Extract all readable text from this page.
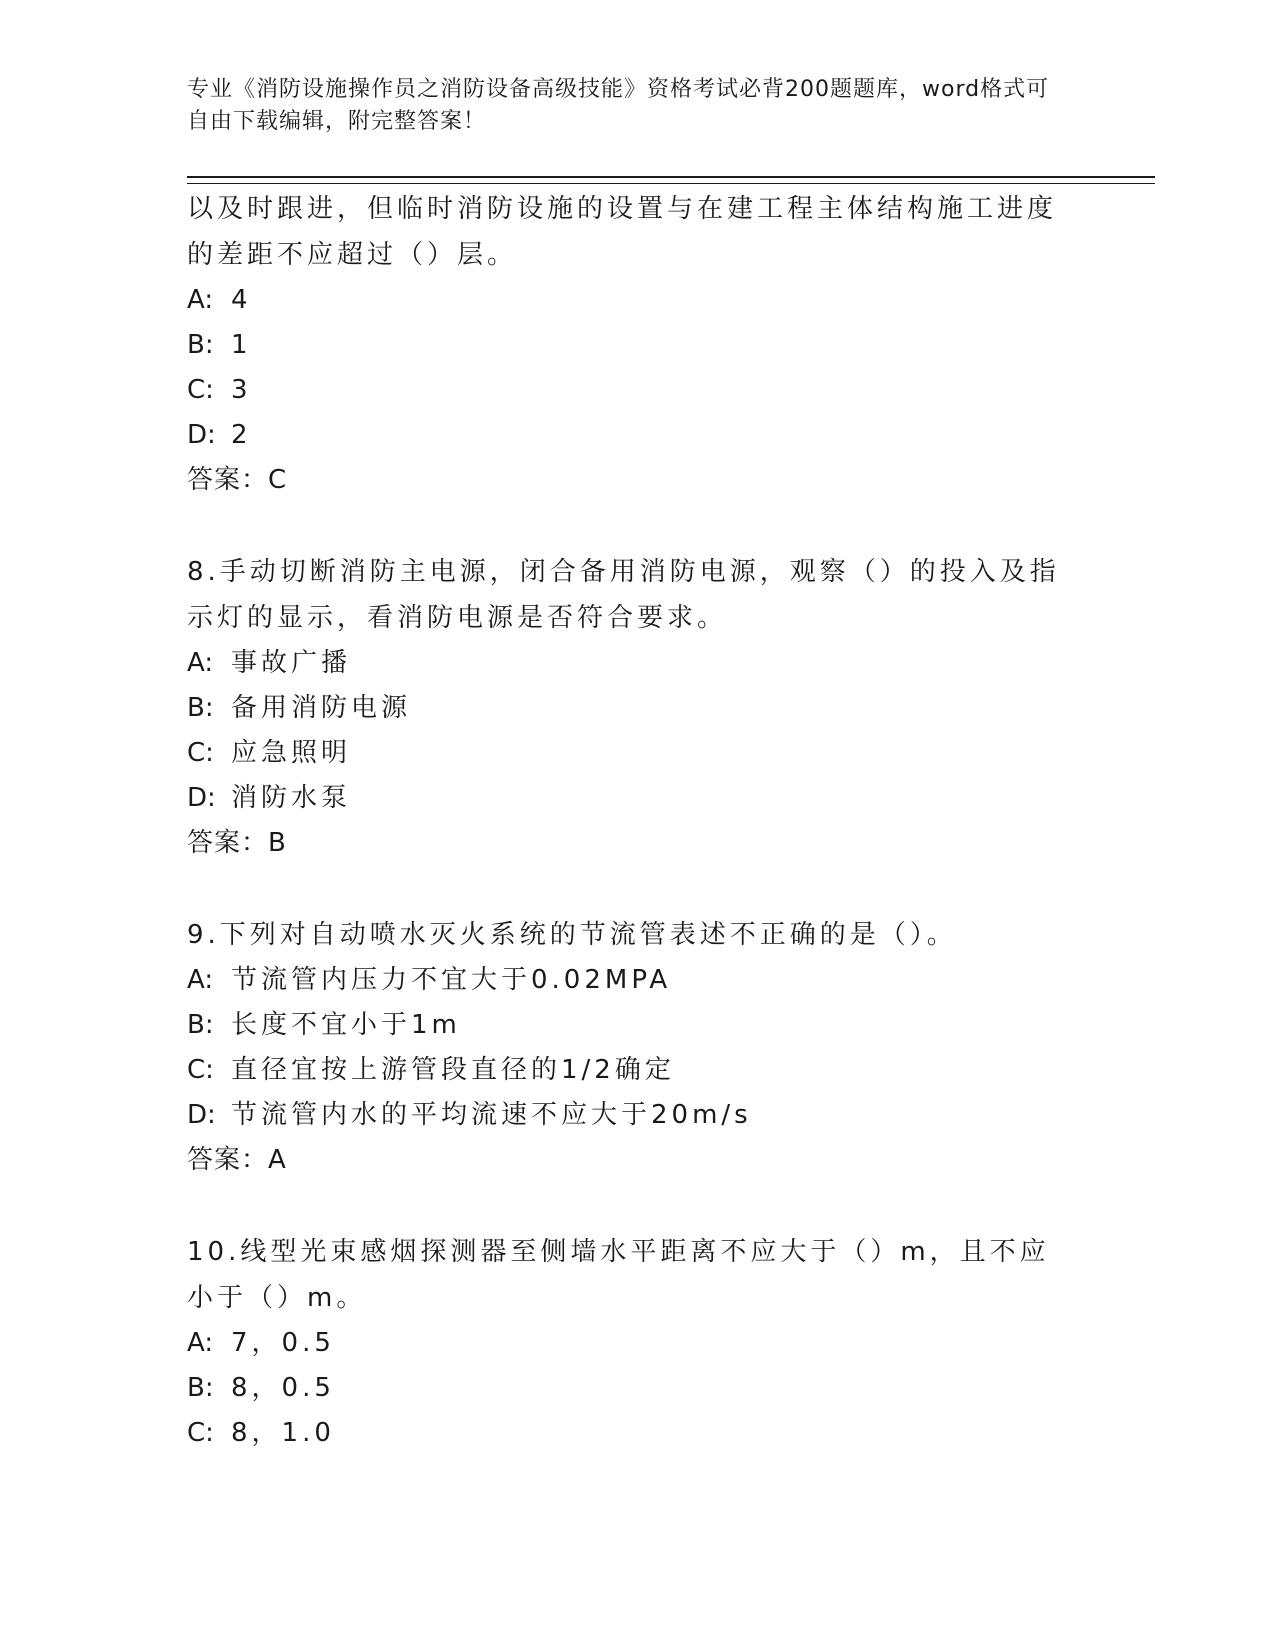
专业《消防设施操作员之消防设备高级技能》资格考试必背200题题库，word格式可自由下载编辑，附完整答案！
以及时跟进，但临时消防设施的设置与在建工程主体结构施工进度的差距不应超过（）层。
A: 4
B: 1
C: 3
D: 2
答案：C
8.手动切断消防主电源，闭合备用消防电源，观察（）的投入及指示灯的显示，看消防电源是否符合要求。
A: 事故广播
B: 备用消防电源
C: 应急照明
D: 消防水泵
答案：B
9.下列对自动喷水灭火系统的节流管表述不正确的是（）。
A: 节流管内压力不宜大于0.02MPA
B: 长度不宜小于1m
C: 直径宜按上游管段直径的1/2确定
D: 节流管内水的平均流速不应大于20m/s
答案：A
10.线型光束感烟探测器至侧墙水平距离不应大于（）m，且不应小于（）m。
A: 7，0.5
B: 8，0.5
C: 8，1.0
